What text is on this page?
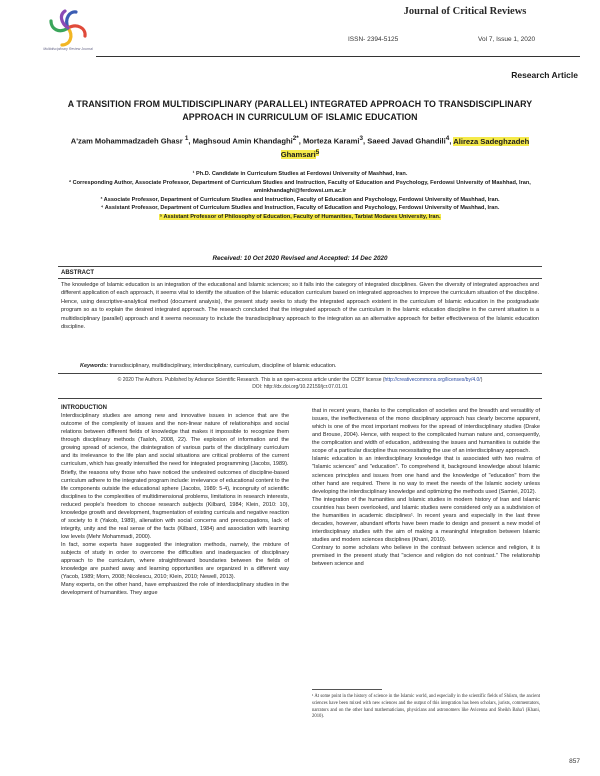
Multidisciplinary Review Journal
Journal of Critical Reviews
ISSN- 2394-5125	Vol 7, Issue 1, 2020
Research Article
A TRANSITION FROM MULTIDISCIPLINARY (PARALLEL) INTEGRATED APPROACH TO TRANSDISCIPLINARY APPROACH IN CURRICULUM OF ISLAMIC EDUCATION
A'zam Mohammadzadeh Ghasr $^1$, Maghsoud Amin Khandaghi$^{2*}$, Morteza Karami$^3$, Saeed Javad Ghandili$^4$, Alireza Sadeghzadeh Ghamsari$^5$
¹ Ph.D. Candidate in Curriculum Studies at Ferdowsi University of Mashhad, Iran.
² Corresponding Author, Associate Professor, Department of Curriculum Studies and Instruction, Faculty of Education and Psychology, Ferdowsi University of Mashhad, Iran, aminkhandaghi@ferdowsi.um.ac.ir
³ Associate Professor, Department of Curriculum Studies and Instruction, Faculty of Education and Psychology, Ferdowsi University of Mashhad, Iran.
⁴ Assistant Professor, Department of Curriculum Studies and Instruction, Faculty of Education and Psychology, Ferdowsi University of Mashhad, Iran.
⁵ Assistant Professor of Philosophy of Education, Faculty of Humanities, Tarbiat Modares University, Iran.
Received: 10 Oct 2020 Revised and Accepted: 14 Dec 2020
ABSTRACT
The knowledge of Islamic education is an integration of the educational and Islamic sciences; so it falls into the category of integrated disciplines. Given the diversity of integrated approaches and different application of each approach, it seems vital to identify the situation of the Islamic education curriculum based on integrated approaches to improve the curriculum situation of the discipline. Hence, using descriptive-analytical method (document analysis), the present study seeks to study the integrated approach existent in the curriculum of Islamic education in the postgraduate program so as to explain the desired integrated approach. The research concluded that the integrated approach of the curriculum in the Islamic education discipline in the current situation is a multidisciplinary (parallel) approach and it seems necessary to include the transdisciplinary approach to the integration as an alternative approach for better effectiveness of the Islamic education discipline.
Keywords: transdisciplinary, multidisciplinary, interdisciplinary, curriculum, discipline of Islamic education.
© 2020 The Authors. Published by Advance Scientific Research. This is an open-access article under the CCBY license (http://creativecommons.org/licenses/by/4.0/)
DOI: http://dx.doi.org/10.22159/jcr.07.01.01

INTRODUCTION

Interdisciplinary studies are among new and innovative issues in science that are the outcome of the complexity of issues and the non-linear nature of relationships and social relations between different fields of knowledge that makes it impossible to recognize them through disciplinary methods (Tasloh, 2008, 22). The explosion of information and the growing spread of science, the disintegration of various parts of the disciplinary curriculum and its irrelevance to the life plan and social situations are critical problems of the current curriculum, which has greatly intensified the need for integrated programming (Jacobs, 1989).

Briefly, the reasons why those who have noticed the undesired outcomes of discipline-based curriculum adhere to the integrated program include: irrelevance of educational content to the life components outside the educational sphere (Jacobs, 1989: 5-4), incongruity of scientific disciplines to the complexities of multidimensional problems, limitations in research interests, reduced people's freedom to choose research subjects (Kilbard, 1984; Klein, 2010: 10), knowledge growth and development, fragmentation of existing curricula and negative reaction of society to it (Yakob, 1989), alienation with social concerns and preoccupations, lack of integrity, unity and the real sense of the facts (Kilbard, 1984) and association with learning low levels (Mehr Mohammadi, 2000).

In fact, some experts have suggested the integration methods, namely, the mixture of subjects of study in order to overcome the difficulties and inadequacies of disciplinary approach to the curriculum, where straightforward boundaries between the fields of knowledge are pushed away and learning opportunities are organized in a different way (Yacob, 1989; Morn, 2008; Nicolescu, 2010; Klein, 2010; Newell, 2013).

Many experts, on the other hand, have emphasized the role of interdisciplinary studies in the development of humanities. They argue

that in recent years, thanks to the complication of societies and the breadth and versatility of issues, the ineffectiveness of the mono disciplinary approach has clearly become apparent, which is one of the most important motives for the spread of interdisciplinary studies (Drake and Brouse, 2004). Hence, with respect to the complicated human nature and, consequently, the complication and width of education, addressing the issues and humanities is outside the scope of a particular discipline thus necessitating the use of an interdisciplinary approach.

Islamic education is an interdisciplinary knowledge that is associated with two realms of "Islamic sciences" and "education". To comprehend it, background knowledge about Islamic sciences principles and issues from one hand and the knowledge of "education" from the other hand are required. There is no way to meet the needs of the Islamic society unless developing the interdisciplinary knowledge and optimizing the methods used (Samiei, 2012).

The integration of the humanities and Islamic studies in modern history of Iran and Islamic countries has been overlooked, and Islamic studies were considered only as a subdivision of the humanities in academic disciplines¹. In recent years and especially in the last three decades, however, abundant efforts have been made to design and present a new model of interdisciplinary studies with the aim of making a meaningful integration between Islamic studies and modern sciences disciplines (Khani, 2010).

Contrary to some scholars who believe in the contrast between science and religion, it is premised in the present study that "science and religion do not contrast." The relationship between science and

¹ At some point in the history of science in the Islamic world, and especially in the scientific fields of Shiism, the ancient sciences have been mixed with new sciences and the output of this integration has been scholars, jurists, commentators, narrators and on the other hand mathematicians, physicians and astronomers like Avicenna and Sheikh Baha'i (Khani, 2010).
857
